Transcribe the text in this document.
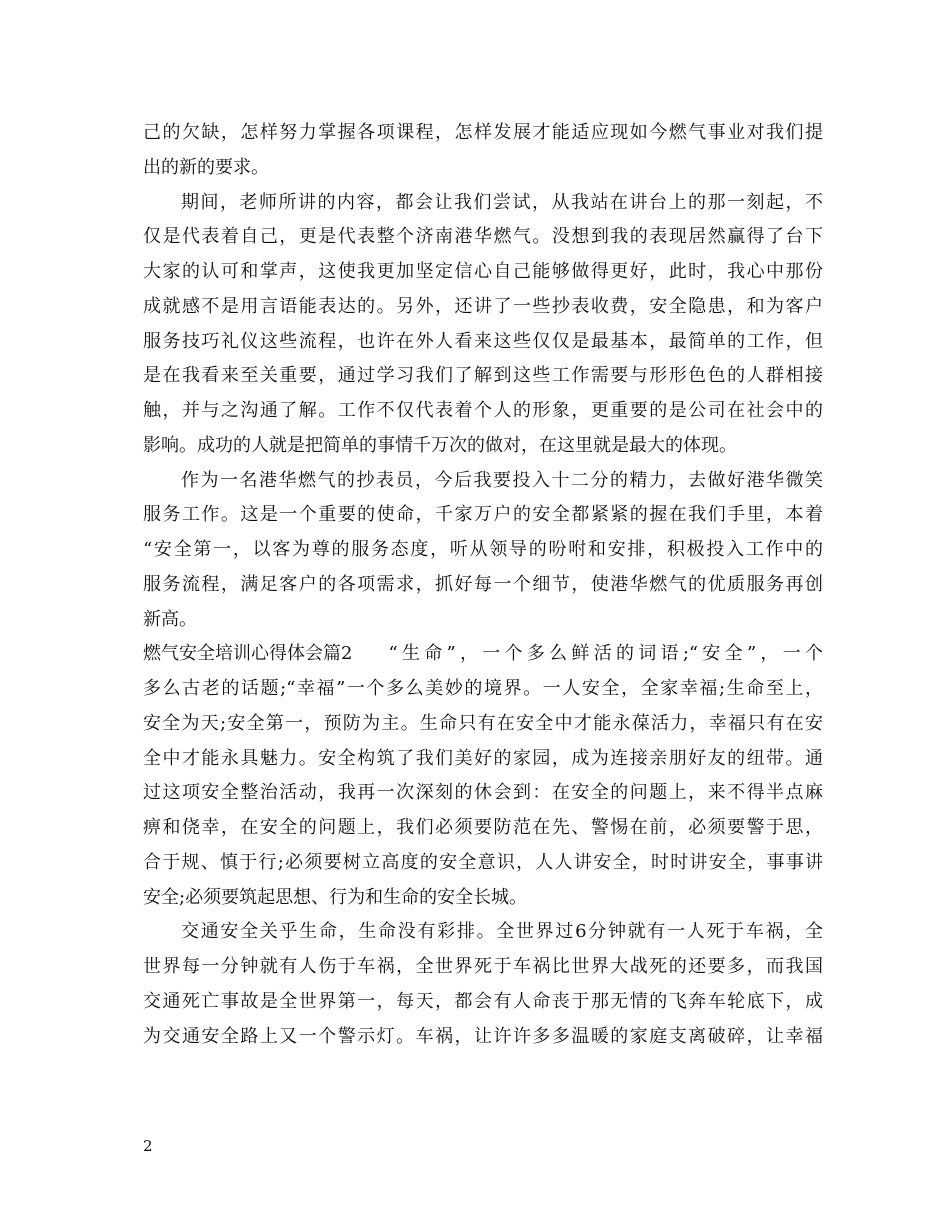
己的欠缺，怎样努力掌握各项课程，怎样发展才能适应现如今燃气事业对我们提
出的新的要求。
期间，老师所讲的内容，都会让我们尝试，从我站在讲台上的那一刻起，不
仅是代表着自己，更是代表整个济南港华燃气。没想到我的表现居然赢得了台下
大家的认可和掌声，这使我更加坚定信心自己能够做得更好，此时，我心中那份
成就感不是用言语能表达的。另外，还讲了一些抄表收费，安全隐患，和为客户
服务技巧礼仪这些流程，也许在外人看来这些仅仅是最基本，最简单的工作，但
是在我看来至关重要，通过学习我们了解到这些工作需要与形形色色的人群相接
触，并与之沟通了解。工作不仅代表着个人的形象，更重要的是公司在社会中的
影响。成功的人就是把简单的事情千万次的做对，在这里就是最大的体现。
作为一名港华燃气的抄表员，今后我要投入十二分的精力，去做好港华微笑
服务工作。这是一个重要的使命，千家万户的安全都紧紧的握在我们手里，本着
“安全第一，以客为尊的服务态度，听从领导的吩咐和安排，积极投入工作中的
服务流程，满足客户的各项需求，抓好每一个细节，使港华燃气的优质服务再创
新高。
燃气安全培训心得体会篇2 “生命”，一个多么鲜活的词语;“安全”，一个
多么古老的话题;“幸福”一个多么美妙的境界。一人安全，全家幸福;生命至上，
安全为天;安全第一，预防为主。生命只有在安全中才能永葆活力，幸福只有在安
全中才能永具魅力。安全构筑了我们美好的家园，成为连接亲朋好友的纽带。通
过这项安全整治活动，我再一次深刻的休会到：在安全的问题上，来不得半点麻
痹和侥幸，在安全的问题上，我们必须要防范在先、警惕在前，必须要警于思，
合于规、慎于行;必须要树立高度的安全意识，人人讲安全，时时讲安全，事事讲
安全;必须要筑起思想、行为和生命的安全长城。
交通安全关乎生命，生命没有彩排。全世界过6分钟就有一人死于车祸，全
世界每一分钟就有人伤于车祸，全世界死于车祸比世界大战死的还要多，而我国
交通死亡事故是全世界第一，每天，都会有人命丧于那无情的飞奔车轮底下，成
为交通安全路上又一个警示灯。车祸，让许许多多温暖的家庭支离破碎，让幸福
2
